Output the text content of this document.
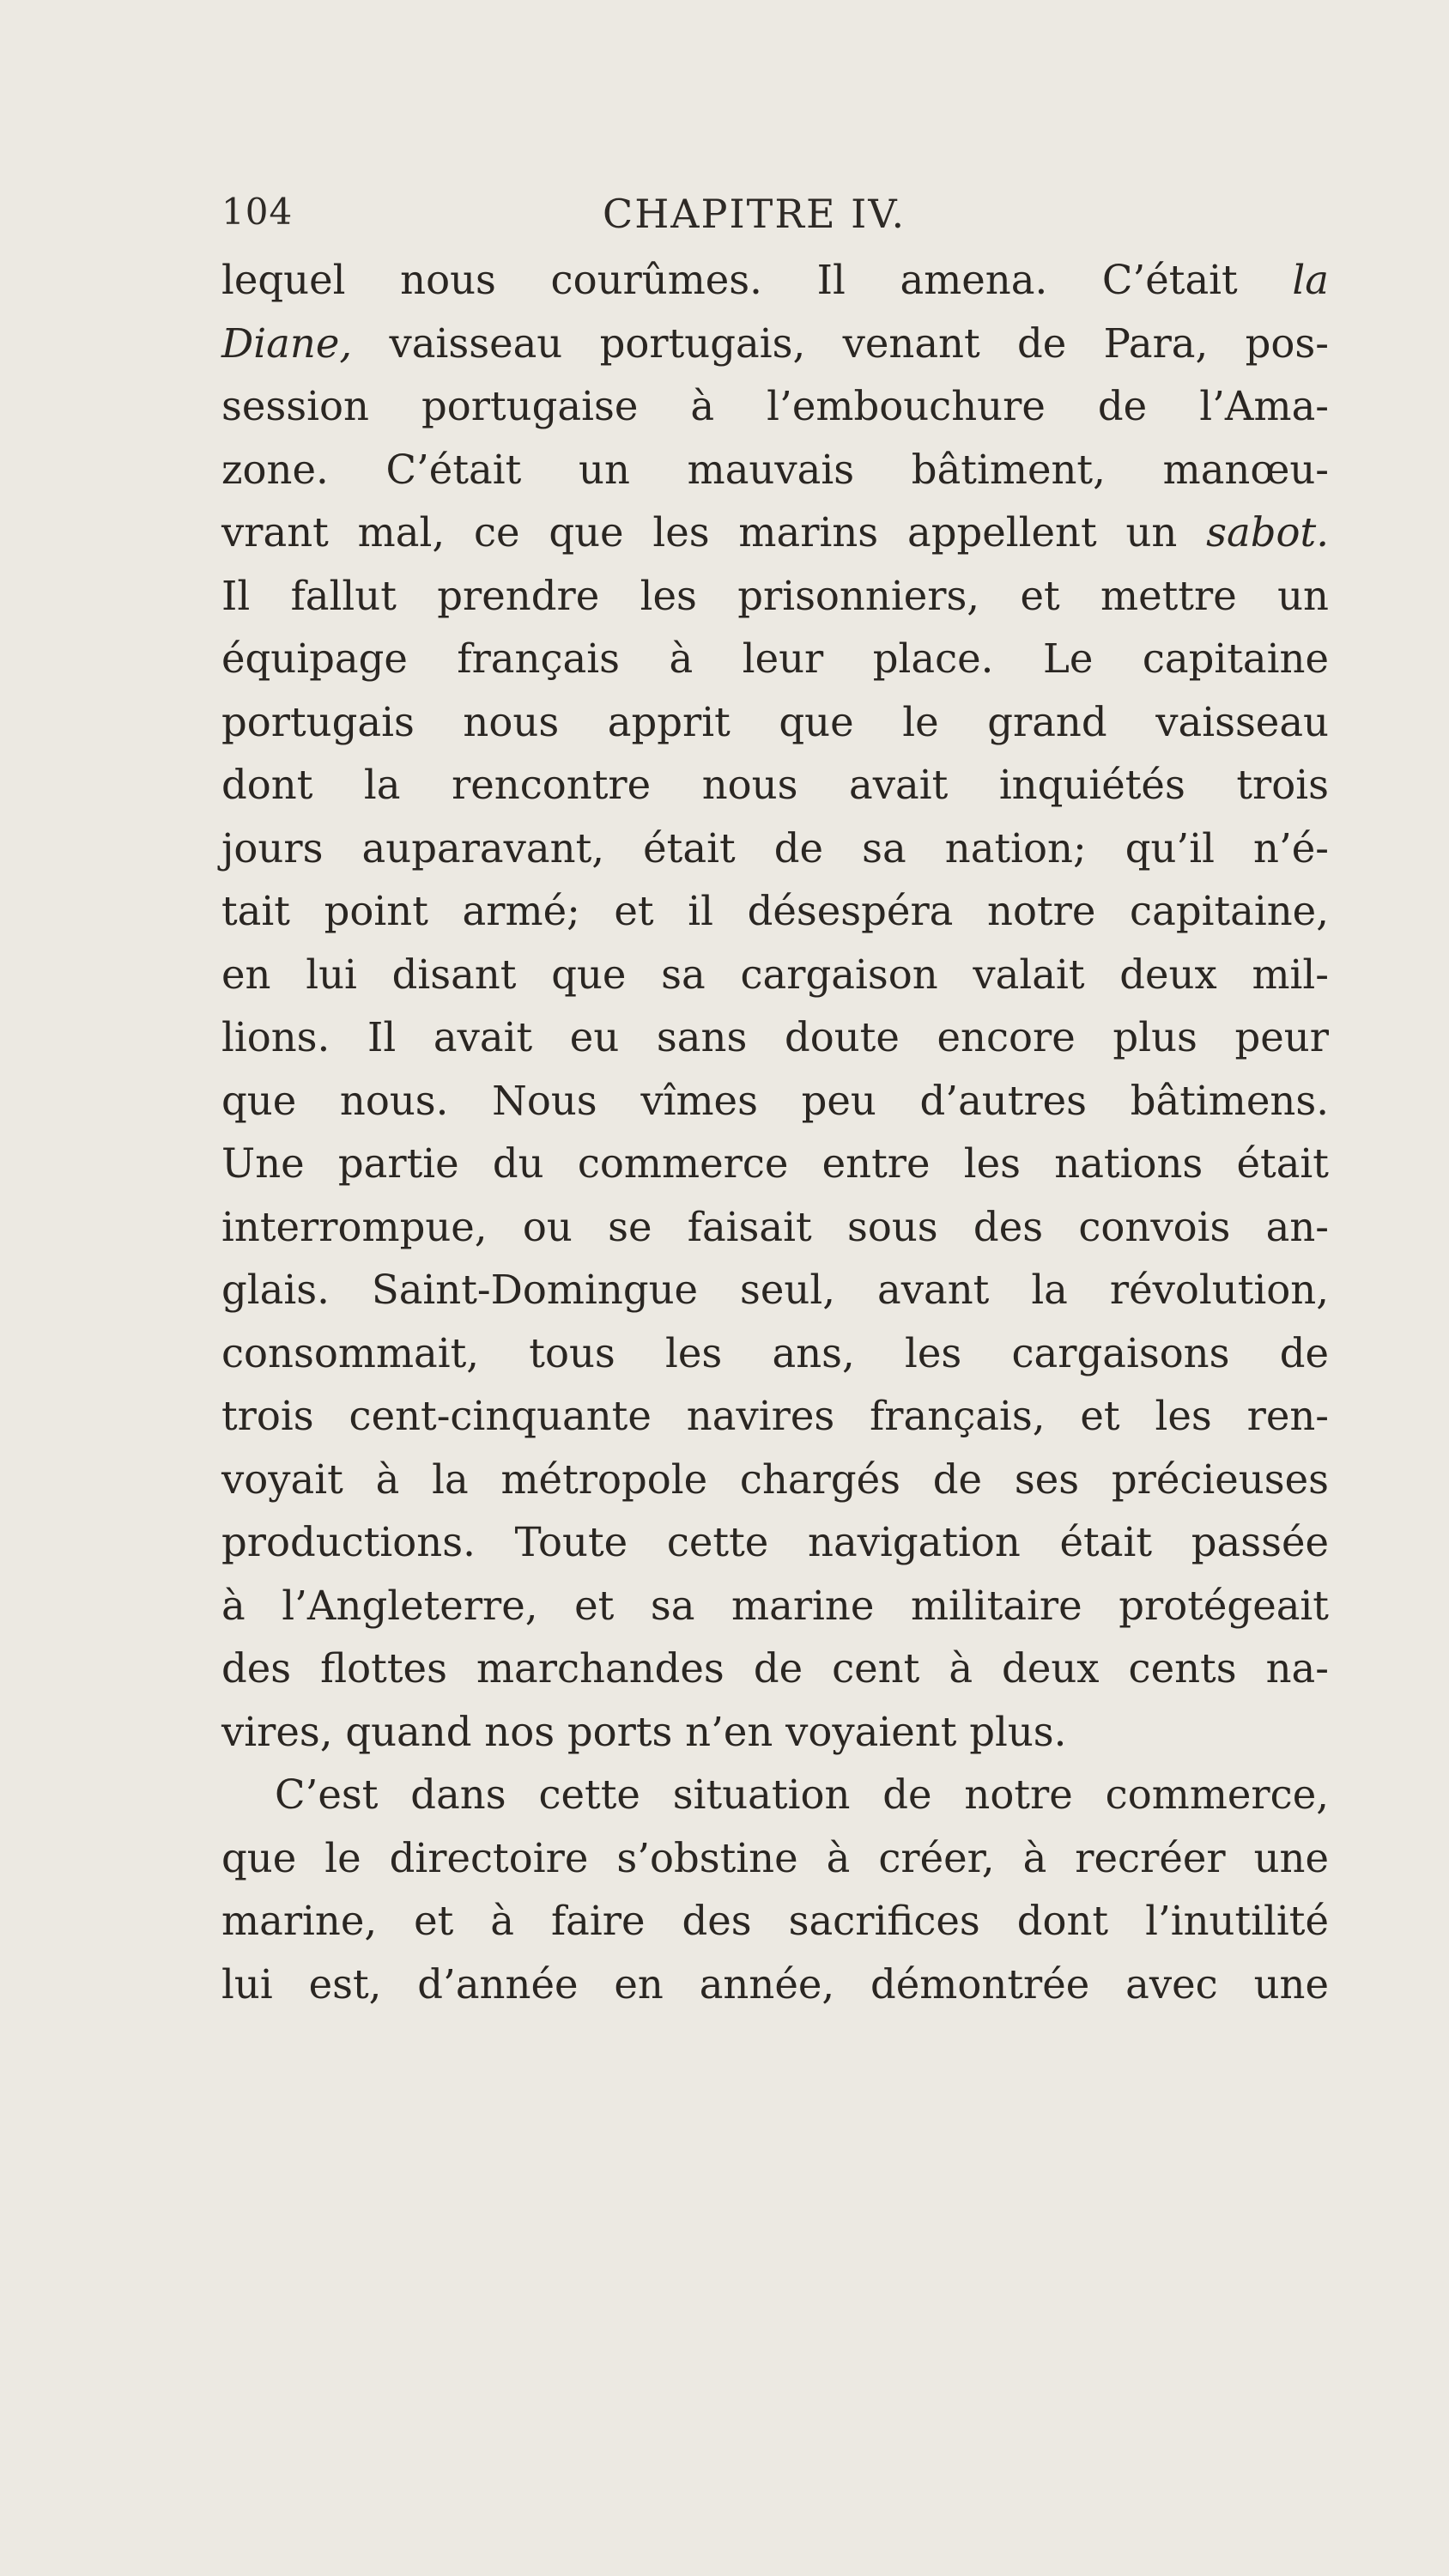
104	CHAPITRE IV.
lequel nous courûmes. Il amena. C’était la
Diane, vaisseau portugais, venant de Para, pos-
session portugaise à l’embouchure de l’Ama-
zone. C’était un mauvais bâtiment, manœu-
vrant mal, ce que les marins appellent un sabot.
Il fallut prendre les prisonniers, et mettre un
équipage français à leur place. Le capitaine
portugais nous apprit que le grand vaisseau
dont la rencontre nous avait inquiétés trois
jours auparavant, était de sa nation; qu’il n’é-
tait point armé; et il désespéra notre capitaine,
en lui disant que sa cargaison valait deux mil-
lions. Il avait eu sans doute encore plus peur
que nous. Nous vîmes peu d’autres bâtimens.
Une partie du commerce entre les nations était
interrompue, ou se faisait sous des convois an-
glais. Saint-Domingue seul, avant la révolution,
consommait, tous les ans, les cargaisons de
trois cent-cinquante navires français, et les ren-
voyait à la métropole chargés de ses précieuses
productions. Toute cette navigation était passée
à l’Angleterre, et sa marine militaire protégeait
des flottes marchandes de cent à deux cents na-
vires, quand nos ports n’en voyaient plus.
C’est dans cette situation de notre commerce,
que le directoire s’obstine à créer, à recréer une
marine, et à faire des sacrifices dont l’inutilité
lui est, d’année en année, démontrée avec une
